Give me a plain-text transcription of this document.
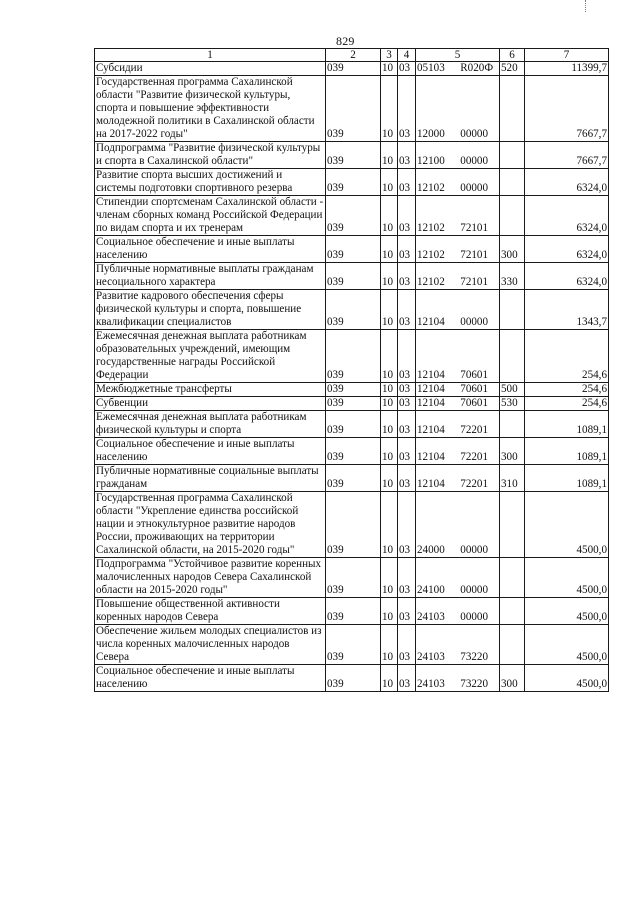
829
1	2	3	4	5	6	7
Субсидии	039	10	03	05103  R020Ф	520	11399,7
Государственная программа Сахалинской области "Развитие физической культуры, спорта и повышение эффективности молодежной политики в Сахалинской области на 2017-2022 годы"	039	10	03	12000  00000		7667,7
Подпрограмма "Развитие физической культуры и спорта в Сахалинской области"	039	10	03	12100  00000		7667,7
Развитие спорта высших достижений и системы подготовки спортивного резерва	039	10	03	12102  00000		6324,0
Стипендии спортсменам Сахалинской области - членам сборных команд Российской Федерации по видам спорта и их тренерам	039	10	03	12102  72101		6324,0
Социальное обеспечение и иные выплаты населению	039	10	03	12102  72101	300	6324,0
Публичные нормативные выплаты гражданам несоциального характера	039	10	03	12102  72101	330	6324,0
Развитие кадрового обеспечения сферы физической культуры и спорта, повышение квалификации специалистов	039	10	03	12104  00000		1343,7
Ежемесячная денежная выплата работникам образовательных учреждений, имеющим государственные награды Российской Федерации	039	10	03	12104  70601		254,6
Межбюджетные трансферты	039	10	03	12104  70601	500	254,6
Субвенции	039	10	03	12104  70601	530	254,6
Ежемесячная денежная выплата работникам физической культуры и спорта	039	10	03	12104  72201		1089,1
Социальное обеспечение и иные выплаты населению	039	10	03	12104  72201	300	1089,1
Публичные нормативные социальные выплаты гражданам	039	10	03	12104  72201	310	1089,1
Государственная программа Сахалинской области "Укрепление единства российской нации и этнокультурное развитие народов России, проживающих на территории Сахалинской области, на 2015-2020 годы"	039	10	03	24000  00000		4500,0
Подпрограмма "Устойчивое развитие коренных малочисленных народов Севера Сахалинской области на 2015-2020 годы"	039	10	03	24100  00000		4500,0
Повышение общественной активности коренных народов Севера	039	10	03	24103  00000		4500,0
Обеспечение жильем молодых специалистов из числа коренных малочисленных народов Севера	039	10	03	24103  73220		4500,0
Социальное обеспечение и иные выплаты населению	039	10	03	24103  73220	300	4500,0
